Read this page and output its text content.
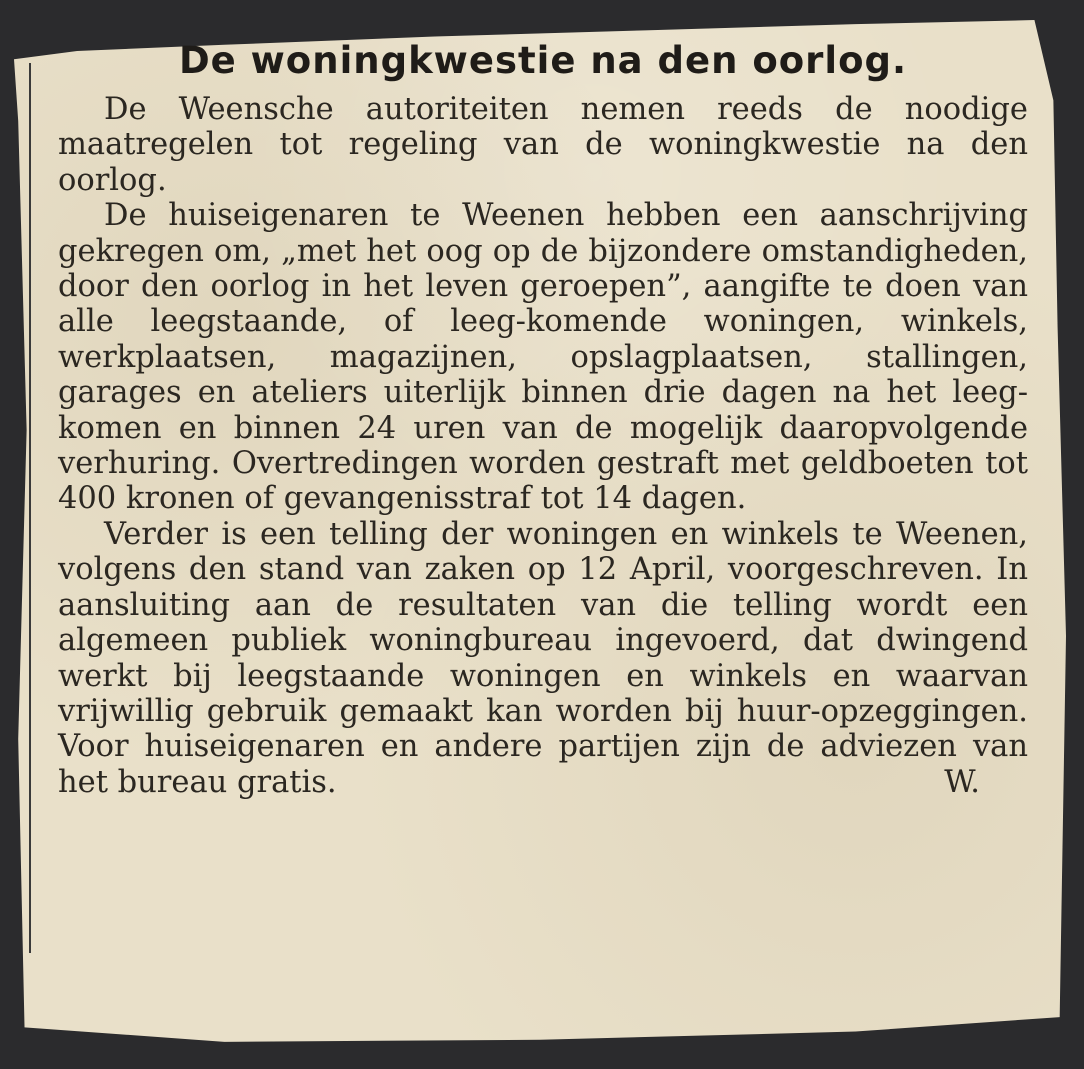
De woningkwestie na den oorlog.

De Weensche autoriteiten nemen reeds de noodige maatregelen tot regeling van de woningkwestie na den oorlog.

De huiseigenaren te Weenen hebben een aanschrijving gekregen om, „met het oog op de bijzondere omstandigheden, door den oorlog in het leven geroepen”, aangifte te doen van alle leegstaande, of leeg-komende woningen, winkels, werkplaatsen, magazijnen, opslagplaatsen, stallingen, garages en ateliers uiterlijk binnen drie dagen na het leeg-komen en binnen 24 uren van de mogelijk daaropvolgende verhuring. Overtredingen worden gestraft met geldboeten tot 400 kronen of gevangenisstraf tot 14 dagen.

Verder is een telling der woningen en winkels te Weenen, volgens den stand van zaken op 12 April, voorgeschreven. In aansluiting aan de resultaten van die telling wordt een algemeen publiek woningbureau ingevoerd, dat dwingend werkt bij leegstaande woningen en winkels en waarvan vrijwillig gebruik gemaakt kan worden bij huur-opzeggingen. Voor huiseigenaren en andere partijen zijn de adviezen van het bureau gratis.	W.
